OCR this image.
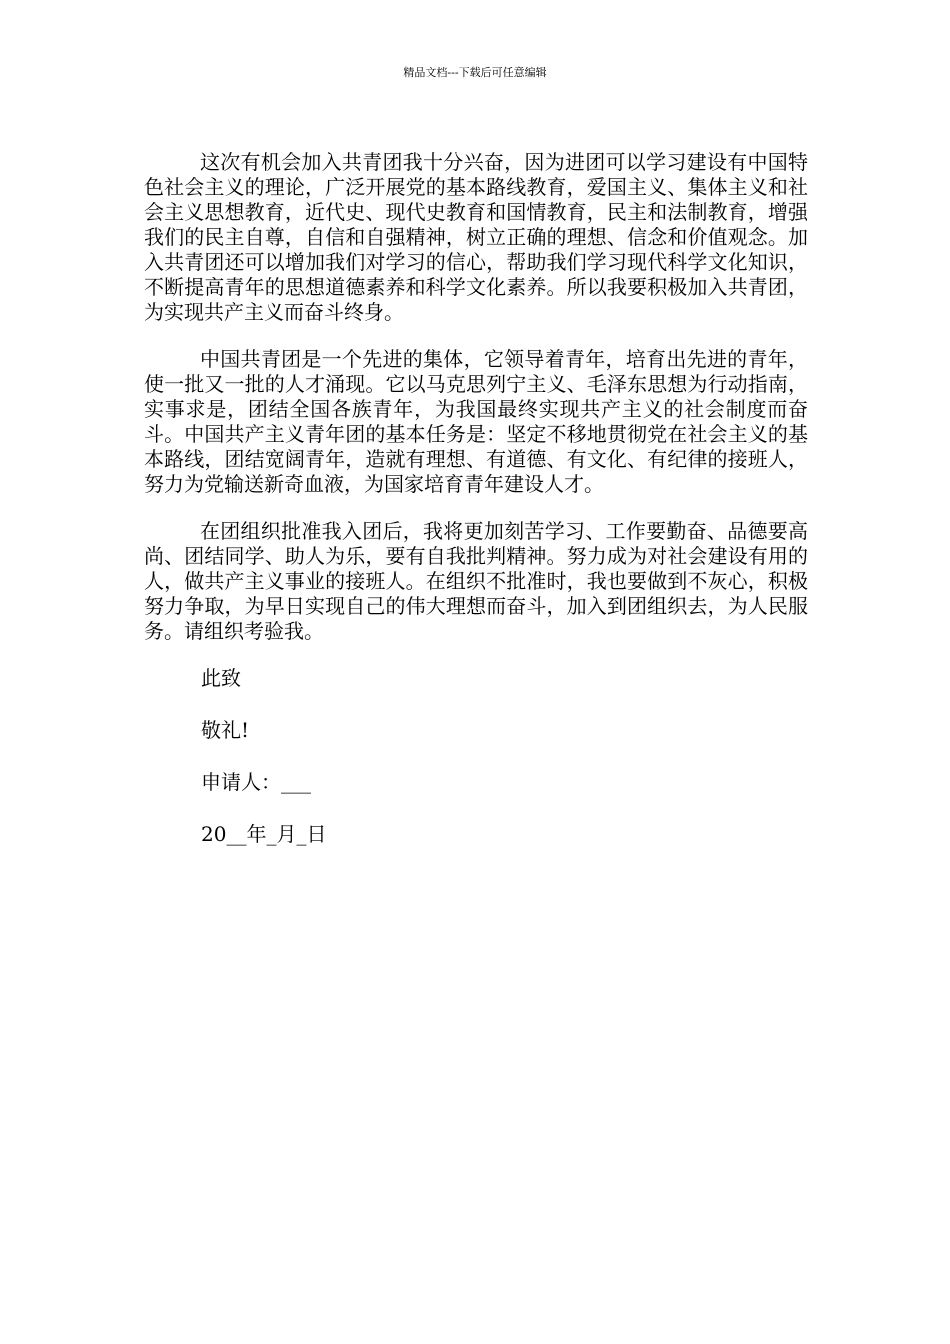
精品文档---下载后可任意编辑

这次有机会加入共青团我十分兴奋，因为进团可以学习建设有中国特色社会主义的理论，广泛开展党的基本路线教育，爱国主义、集体主义和社会主义思想教育，近代史、现代史教育和国情教育，民主和法制教育，增强我们的民主自尊，自信和自强精神，树立正确的理想、信念和价值观念。加入共青团还可以增加我们对学习的信心，帮助我们学习现代科学文化知识，不断提高青年的思想道德素养和科学文化素养。所以我要积极加入共青团，为实现共产主义而奋斗终身。

中国共青团是一个先进的集体，它领导着青年，培育出先进的青年，使一批又一批的人才涌现。它以马克思列宁主义、毛泽东思想为行动指南，实事求是，团结全国各族青年，为我国最终实现共产主义的社会制度而奋斗。中国共产主义青年团的基本任务是：坚定不移地贯彻党在社会主义的基本路线，团结宽阔青年，造就有理想、有道德、有文化、有纪律的接班人，努力为党输送新奇血液，为国家培育青年建设人才。

在团组织批准我入团后，我将更加刻苦学习、工作要勤奋、品德要高尚、团结同学、助人为乐，要有自我批判精神。努力成为对社会建设有用的人，做共产主义事业的接班人。在组织不批准时，我也要做到不灰心，积极努力争取，为早日实现自己的伟大理想而奋斗，加入到团组织去，为人民服务。请组织考验我。

此致

敬礼!

申请人：___

20__年_月_日
